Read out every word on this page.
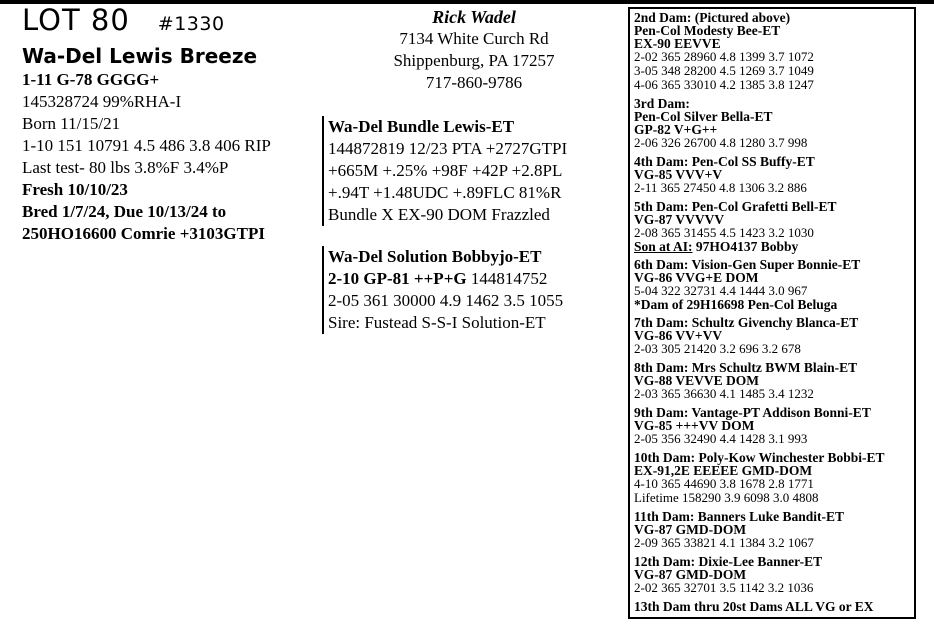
LOT 80 #1330
Wa-Del Lewis Breeze
1-11 G-78 GGGG+
145328724 99%RHA-I
Born 11/15/21
1-10 151 10791 4.5 486 3.8 406 RIP
Last test- 80 lbs 3.8%F 3.4%P
Fresh 10/10/23
Bred 1/7/24, Due 10/13/24 to
250HO16600 Comrie +3103GTPI
Rick Wadel
7134 White Curch Rd
Shippenburg, PA 17257
717-860-9786
Wa-Del Bundle Lewis-ET
144872819 12/23 PTA +2727GTPI
+665M +.25% +98F +42P +2.8PL
+.94T +1.48UDC +.89FLC 81%R
Bundle X EX-90 DOM Frazzled
Wa-Del Solution Bobbyjo-ET
2-10 GP-81 ++P+G 144814752
2-05 361 30000 4.9 1462 3.5 1055
Sire: Fustead S-S-I Solution-ET
2nd Dam: (Pictured above)
Pen-Col Modesty Bee-ET
EX-90 EEVVE
2-02 365 28960 4.8 1399 3.7 1072
3-05 348 28200 4.5 1269 3.7 1049
4-06 365 33010 4.2 1385 3.8 1247
3rd Dam:
Pen-Col Silver Bella-ET
GP-82 V+G++
2-06 326 26700 4.8 1280 3.7 998
4th Dam: Pen-Col SS Buffy-ET
VG-85 VVV+V
2-11 365 27450 4.8 1306 3.2 886
5th Dam: Pen-Col Grafetti Bell-ET
VG-87 VVVVV
2-08 365 31455 4.5 1423 3.2 1030
Son at AI: 97HO4137 Bobby
6th Dam: Vision-Gen Super Bonnie-ET
VG-86 VVG+E DOM
5-04 322 32731 4.4 1444 3.0 967
*Dam of 29H16698 Pen-Col Beluga
7th Dam: Schultz Givenchy Blanca-ET
VG-86 VV+VV
2-03 305 21420 3.2 696 3.2 678
8th Dam: Mrs Schultz BWM Blain-ET
VG-88 VEVVE DOM
2-03 365 36630 4.1 1485 3.4 1232
9th Dam: Vantage-PT Addison Bonni-ET
VG-85 +++VV DOM
2-05 356 32490 4.4 1428 3.1 993
10th Dam: Poly-Kow Winchester Bobbi-ET
EX-91,2E EEEEE GMD-DOM
4-10 365 44690 3.8 1678 2.8 1771
Lifetime 158290 3.9 6098 3.0 4808
11th Dam: Banners Luke Bandit-ET
VG-87 GMD-DOM
2-09 365 33821 4.1 1384 3.2 1067
12th Dam: Dixie-Lee Banner-ET
VG-87 GMD-DOM
2-02 365 32701 3.5 1142 3.2 1036
13th Dam thru 20st Dams ALL VG or EX
